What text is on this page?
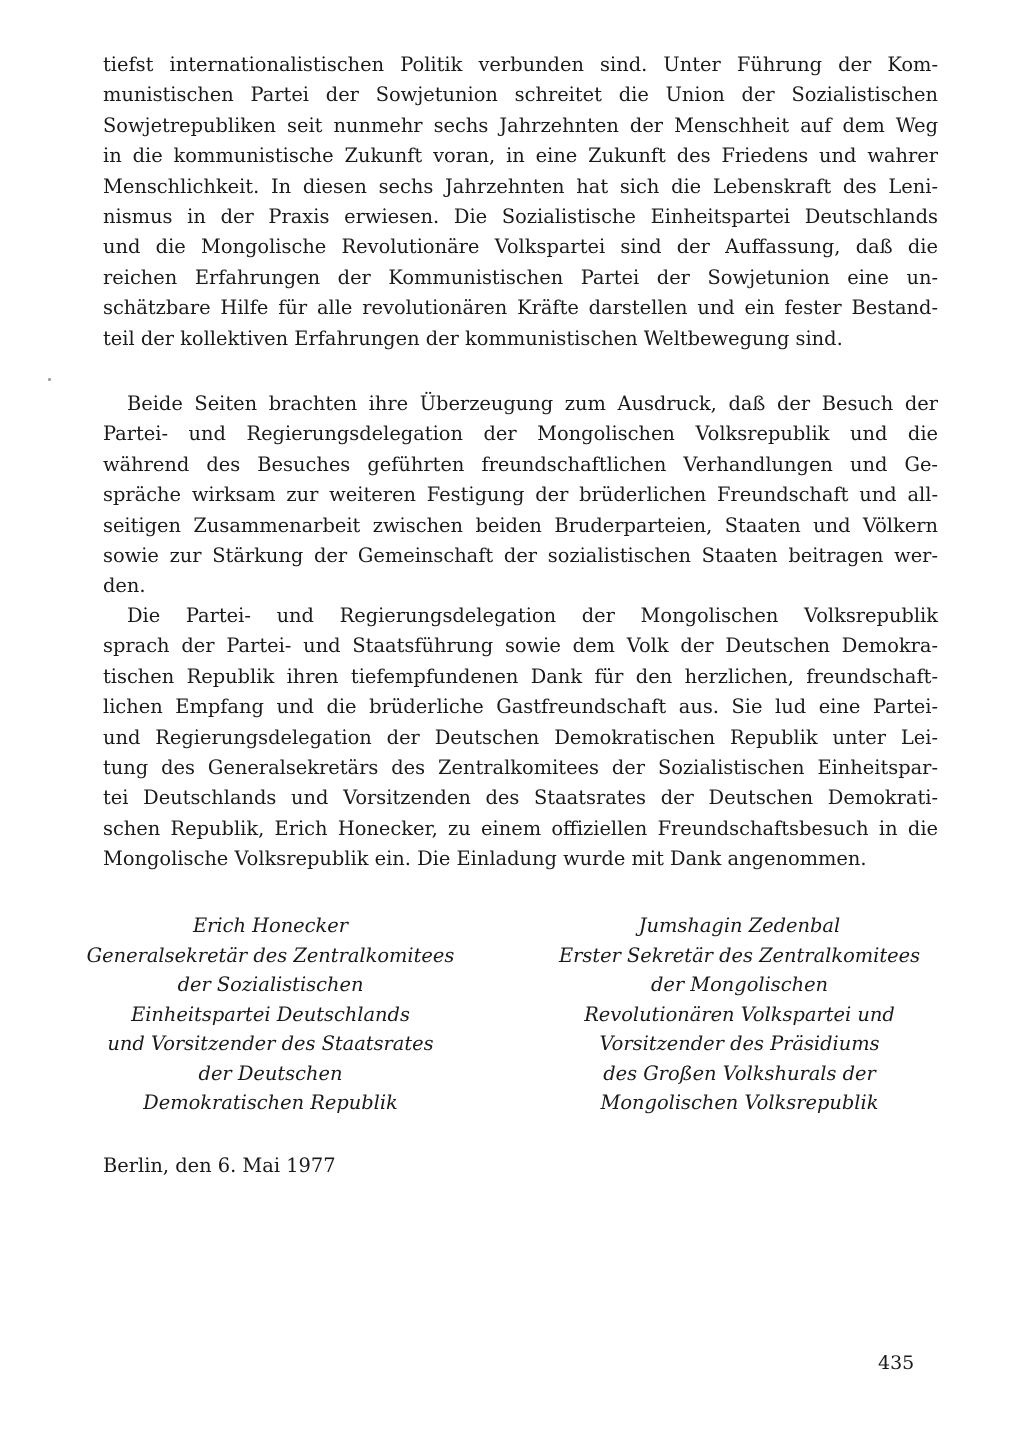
tiefst internationalistischen Politik verbunden sind. Unter Führung der Kom-
munistischen Partei der Sowjetunion schreitet die Union der Sozialistischen
Sowjetrepubliken seit nunmehr sechs Jahrzehnten der Menschheit auf dem Weg
in die kommunistische Zukunft voran, in eine Zukunft des Friedens und wahrer
Menschlichkeit. In diesen sechs Jahrzehnten hat sich die Lebenskraft des Leni-
nismus in der Praxis erwiesen. Die Sozialistische Einheitspartei Deutschlands
und die Mongolische Revolutionäre Volkspartei sind der Auffassung, daß die
reichen Erfahrungen der Kommunistischen Partei der Sowjetunion eine un-
schätzbare Hilfe für alle revolutionären Kräfte darstellen und ein fester Bestand-
teil der kollektiven Erfahrungen der kommunistischen Weltbewegung sind.
Beide Seiten brachten ihre Überzeugung zum Ausdruck, daß der Besuch der
Partei- und Regierungsdelegation der Mongolischen Volksrepublik und die
während des Besuches geführten freundschaftlichen Verhandlungen und Ge-
spräche wirksam zur weiteren Festigung der brüderlichen Freundschaft und all-
seitigen Zusammenarbeit zwischen beiden Bruderparteien, Staaten und Völkern
sowie zur Stärkung der Gemeinschaft der sozialistischen Staaten beitragen wer-
den.
Die Partei- und Regierungsdelegation der Mongolischen Volksrepublik
sprach der Partei- und Staatsführung sowie dem Volk der Deutschen Demokra-
tischen Republik ihren tiefempfundenen Dank für den herzlichen, freundschaft-
lichen Empfang und die brüderliche Gastfreundschaft aus. Sie lud eine Partei-
und Regierungsdelegation der Deutschen Demokratischen Republik unter Lei-
tung des Generalsekretärs des Zentralkomitees der Sozialistischen Einheitspar-
tei Deutschlands und Vorsitzenden des Staatsrates der Deutschen Demokrati-
schen Republik, Erich Honecker, zu einem offiziellen Freundschaftsbesuch in die
Mongolische Volksrepublik ein. Die Einladung wurde mit Dank angenommen.
Erich Honecker
Generalsekretär des Zentralkomitees
der Sozialistischen
Einheitspartei Deutschlands
und Vorsitzender des Staatsrates
der Deutschen
Demokratischen Republik
Jumshagin Zedenbal
Erster Sekretär des Zentralkomitees
der Mongolischen
Revolutionären Volkspartei und
Vorsitzender des Präsidiums
des Großen Volkshurals der
Mongolischen Volksrepublik
Berlin, den 6. Mai 1977
435
